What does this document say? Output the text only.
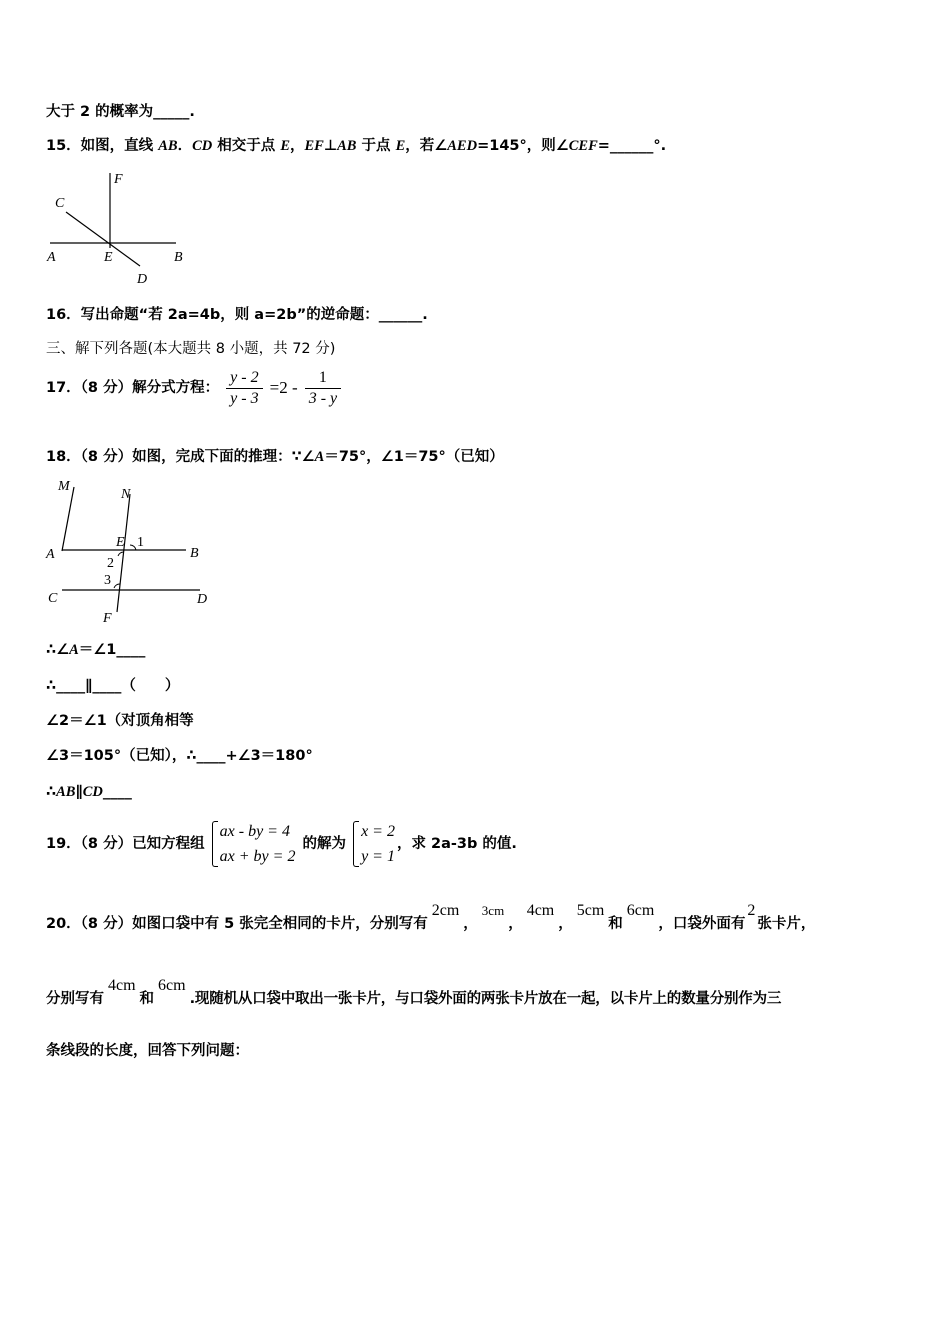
大于 2 的概率为_____.
15．如图，直线 AB．CD 相交于点 E，EF⊥AB 于点 E，若∠AED=145°，则∠CEF=______°.
F
C
A	E	B
D
16．写出命题“若 2a=4b，则 a=2b”的逆命题：______.
三、解下列各题(本大题共 8 小题，共 72 分)
17．（8 分）解分式方程： $\frac{y - 2}{y - 3} =2 - \frac{1}{3 - y}$
18．（8 分）如图，完成下面的推理：∵∠A＝75°，∠1＝75°（已知）
M
N
E 1
A	B
2
3
C	D
F
∴∠A＝∠1____
∴____∥____（　　）
∠2＝∠1（对顶角相等
∠3＝105°（已知），∴____+∠3＝180°
∴AB∥CD____
19．（8 分）已知方程组
ax - by = 4
ax + by = 2
的解为
x = 2
y = 1
，求 2a-3b 的值.
20．（8 分）如图口袋中有 5 张完全相同的卡片，分别写有2cm，3cm，4cm，5cm和6cm，口袋外面有2张卡片，
分别写有4cm和6cm.现随机从口袋中取出一张卡片，与口袋外面的两张卡片放在一起，以卡片上的数量分别作为三
条线段的长度，回答下列问题：
